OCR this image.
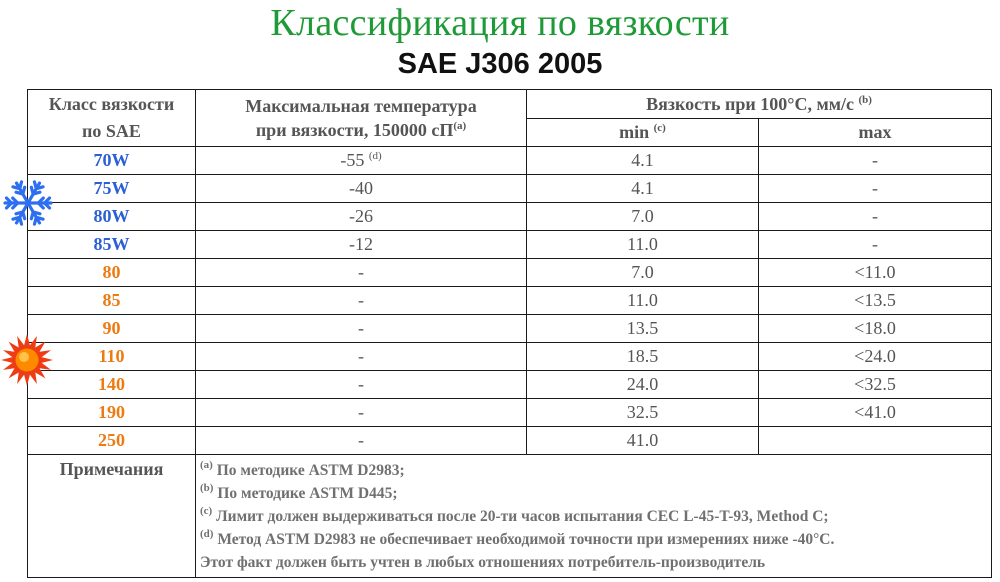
Классификация по вязкости
SAE J306 2005
Класс вязкости
по SAE	Максимальная температура
при вязкости, 150000 $сП^{(a)}$	Вязкость при 100°C, мм/с $^{(b)}$
		min $^{(c)}$	max
70W	-55 $^{(d)}$	4.1	-
75W	-40	4.1	-
80W	-26	7.0	-
85W	-12	11.0	-
80	-	7.0	<11.0
85	-	11.0	<13.5
90	-	13.5	<18.0
110	-	18.5	<24.0
140	-	24.0	<32.5
190	-	32.5	<41.0
250	-	41.0	
Примечания	$^{(a)}$ По методике ASTM D2983;
$^{(b)}$ По методике ASTM D445;
$^{(c)}$ Лимит должен выдерживаться после 20-ти часов испытания CEC L-45-T-93, Method C;
$^{(d)}$ Метод ASTM D2983 не обеспечивает необходимой точности при измерениях ниже -40°C.
Этот факт должен быть учтен в любых отношениях потребитель-производитель		
